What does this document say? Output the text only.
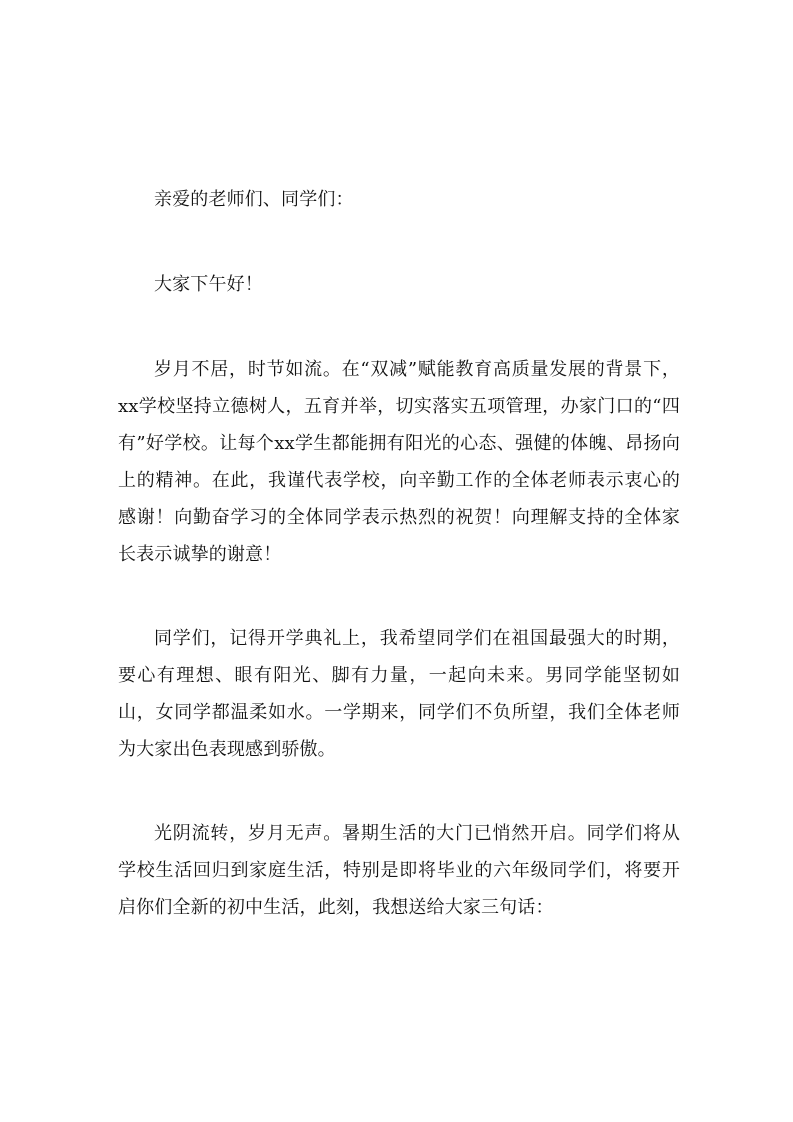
亲爱的老师们、同学们：

大家下午好！

岁月不居，时节如流。在“双减”赋能教育高质量发展的背景下，xx学校坚持立德树人，五育并举，切实落实五项管理，办家门口的“四有”好学校。让每个xx学生都能拥有阳光的心态、强健的体魄、昂扬向上的精神。在此，我谨代表学校，向辛勤工作的全体老师表示衷心的感谢！向勤奋学习的全体同学表示热烈的祝贺！向理解支持的全体家长表示诚挚的谢意！

同学们，记得开学典礼上，我希望同学们在祖国最强大的时期，要心有理想、眼有阳光、脚有力量，一起向未来。男同学能坚韧如山，女同学都温柔如水。一学期来，同学们不负所望，我们全体老师为大家出色表现感到骄傲。

光阴流转，岁月无声。暑期生活的大门已悄然开启。同学们将从学校生活回归到家庭生活，特别是即将毕业的六年级同学们，将要开启你们全新的初中生活，此刻，我想送给大家三句话：
